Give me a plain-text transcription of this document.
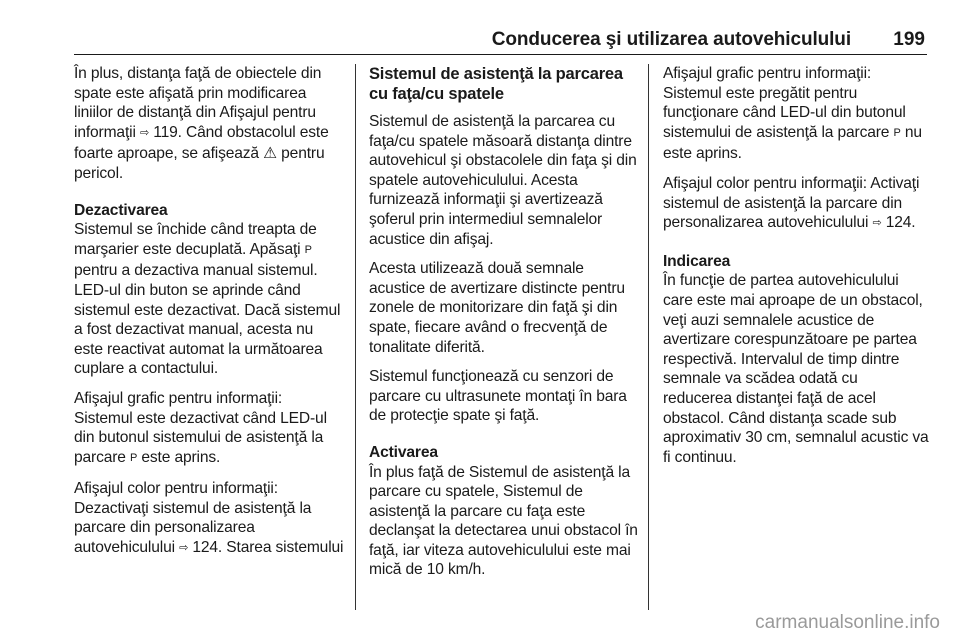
Conducerea şi utilizarea autovehiculului 199

În plus, distanţa faţă de obiectele din spate este afişată prin modificarea liniilor de distanţă din Afişajul pentru informaţii ⇨ 119. Când obstacolul este foarte aproape, se afişează ⚠ pentru pericol.

Dezactivarea
Sistemul se închide când treapta de marşarier este decuplată. Apăsaţi P pentru a dezactiva manual sistemul. LED-ul din buton se aprinde când sistemul este dezactivat. Dacă sistemul a fost dezactivat manual, acesta nu este reactivat automat la următoarea cuplare a contactului.

Afişajul grafic pentru informaţii: Sistemul este dezactivat când LED-ul din butonul sistemului de asistenţă la parcare P este aprins.

Afişajul color pentru informaţii: Dezactivaţi sistemul de asistenţă la parcare din personalizarea autovehiculului ⇨ 124. Starea sistemului

Sistemul de asistenţă la parcarea cu faţa/cu spatele

Sistemul de asistenţă la parcarea cu faţa/cu spatele măsoară distanţa dintre autovehicul şi obstacolele din faţa şi din spatele autovehiculului. Acesta furnizează informaţii şi avertizează şoferul prin intermediul semnalelor acustice din afişaj.

Acesta utilizează două semnale acustice de avertizare distincte pentru zonele de monitorizare din faţă şi din spate, fiecare având o frecvenţă de tonalitate diferită.

Sistemul funcţionează cu senzori de parcare cu ultrasunete montaţi în bara de protecţie spate şi faţă.

Activarea
În plus faţă de Sistemul de asistenţă la parcare cu spatele, Sistemul de asistenţă la parcare cu faţa este declanşat la detectarea unui obstacol în faţă, iar viteza autovehiculului este mai mică de 10 km/h.

Afişajul grafic pentru informaţii: Sistemul este pregătit pentru funcţionare când LED-ul din butonul sistemului de asistenţă la parcare P nu este aprins.

Afişajul color pentru informaţii: Activaţi sistemul de asistenţă la parcare din personalizarea autovehiculului ⇨ 124.

Indicarea
În funcţie de partea autovehiculului care este mai aproape de un obstacol, veţi auzi semnalele acustice de avertizare corespunzătoare pe partea respectivă. Intervalul de timp dintre semnale va scădea odată cu reducerea distanţei faţă de acel obstacol. Când distanţa scade sub aproximativ 30 cm, semnalul acustic va fi continuu.

carmanualsonline.info
